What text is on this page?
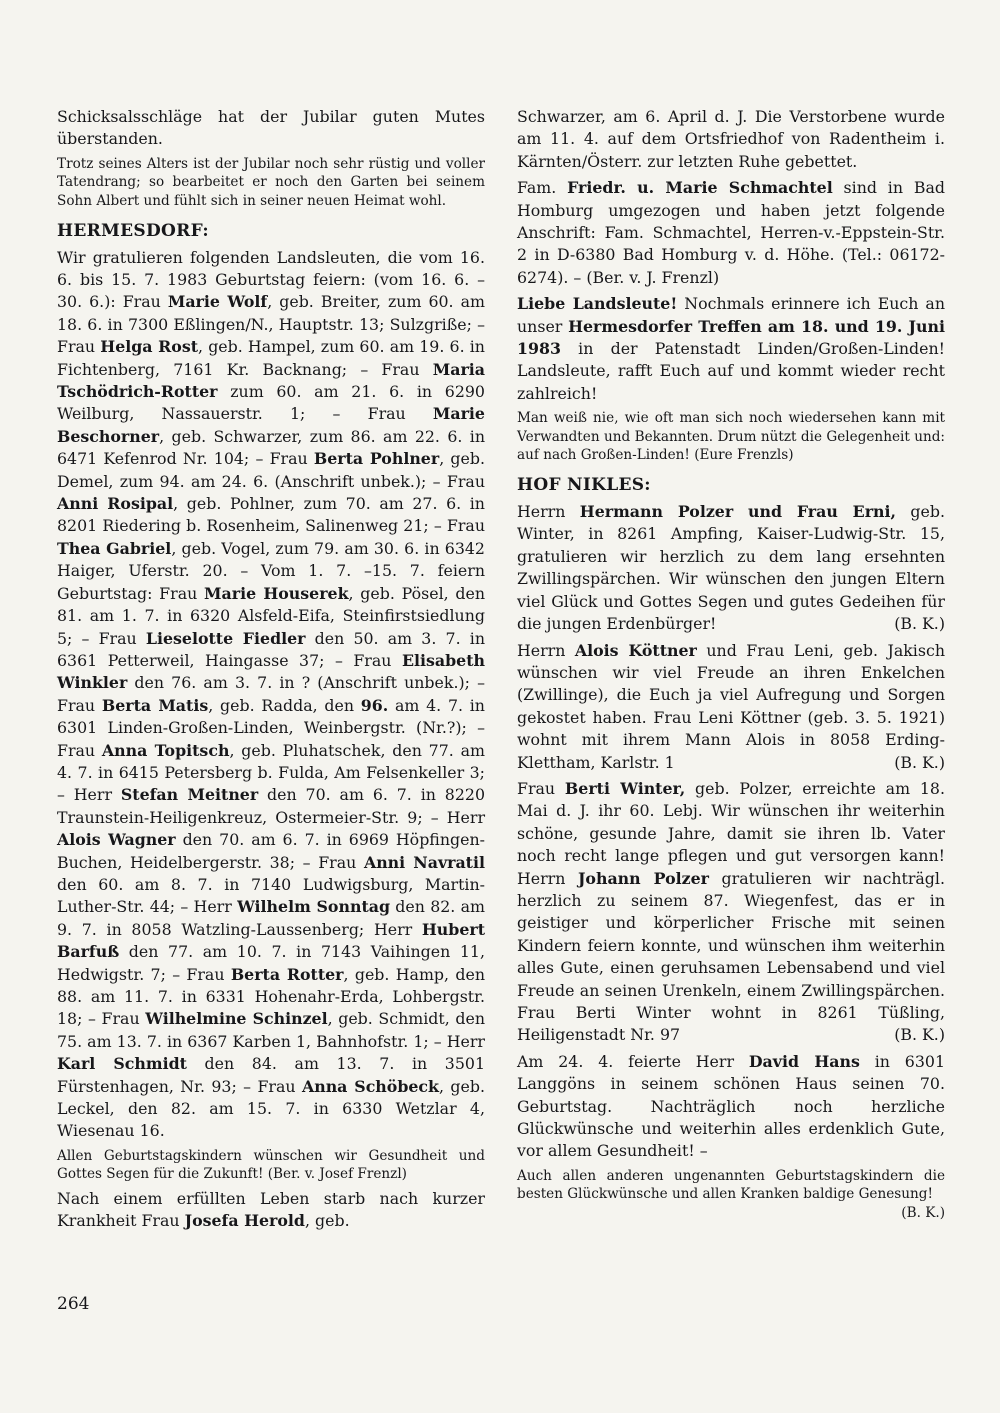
Schicksalsschläge hat der Jubilar guten Mutes überstanden.

Trotz seines Alters ist der Jubilar noch sehr rüstig und voller Tatendrang; so bearbeitet er noch den Garten bei seinem Sohn Albert und fühlt sich in seiner neuen Heimat wohl.

HERMESDORF:

Wir gratulieren folgenden Landsleuten, die vom 16. 6. bis 15. 7. 1983 Geburtstag feiern: (vom 16. 6. – 30. 6.): Frau Marie Wolf, geb. Breiter, zum 60. am 18. 6. in 7300 Eßlingen/N., Hauptstr. 13; Sulzgriße; – Frau Helga Rost, geb. Hampel, zum 60. am 19. 6. in Fichtenberg, 7161 Kr. Backnang; – Frau Maria Tschödrich-Rotter zum 60. am 21. 6. in 6290 Weilburg, Nassauerstr. 1; – Frau Marie Beschorner, geb. Schwarzer, zum 86. am 22. 6. in 6471 Kefenrod Nr. 104; – Frau Berta Pohlner, geb. Demel, zum 94. am 24. 6. (Anschrift unbek.); – Frau Anni Rosipal, geb. Pohlner, zum 70. am 27. 6. in 8201 Riedering b. Rosenheim, Salinenweg 21; – Frau Thea Gabriel, geb. Vogel, zum 79. am 30. 6. in 6342 Haiger, Uferstr. 20. – Vom 1. 7. –15. 7. feiern Geburtstag: Frau Marie Houserek, geb. Pösel, den 81. am 1. 7. in 6320 Alsfeld-Eifa, Steinfirstsiedlung 5; – Frau Lieselotte Fiedler den 50. am 3. 7. in 6361 Petterweil, Haingasse 37; – Frau Elisabeth Winkler den 76. am 3. 7. in ? (Anschrift unbek.); – Frau Berta Matis, geb. Radda, den 96. am 4. 7. in 6301 Linden-Großen-Linden, Weinbergstr. (Nr.?); – Frau Anna Topitsch, geb. Pluhatschek, den 77. am 4. 7. in 6415 Petersberg b. Fulda, Am Felsenkeller 3; – Herr Stefan Meitner den 70. am 6. 7. in 8220 Traunstein-Heiligenkreuz, Ostermeier-Str. 9; – Herr Alois Wagner den 70. am 6. 7. in 6969 Höpfingen-Buchen, Heidelbergerstr. 38; – Frau Anni Navratil den 60. am 8. 7. in 7140 Ludwigsburg, Martin-Luther-Str. 44; – Herr Wilhelm Sonntag den 82. am 9. 7. in 8058 Watzling-Laussenberg; Herr Hubert Barfuß den 77. am 10. 7. in 7143 Vaihingen 11, Hedwigstr. 7; – Frau Berta Rotter, geb. Hamp, den 88. am 11. 7. in 6331 Hohenahr-Erda, Lohbergstr. 18; – Frau Wilhelmine Schinzel, geb. Schmidt, den 75. am 13. 7. in 6367 Karben 1, Bahnhofstr. 1; – Herr Karl Schmidt den 84. am 13. 7. in 3501 Fürstenhagen, Nr. 93; – Frau Anna Schöbeck, geb. Leckel, den 82. am 15. 7. in 6330 Wetzlar 4, Wiesenau 16.

Allen Geburtstagskindern wünschen wir Gesundheit und Gottes Segen für die Zukunft! (Ber. v. Josef Frenzl)

Nach einem erfüllten Leben starb nach kurzer Krankheit Frau Josefa Herold, geb.

Schwarzer, am 6. April d. J. Die Verstorbene wurde am 11. 4. auf dem Ortsfriedhof von Radentheim i. Kärnten/Österr. zur letzten Ruhe gebettet.

Fam. Friedr. u. Marie Schmachtel sind in Bad Homburg umgezogen und haben jetzt folgende Anschrift: Fam. Schmachtel, Herren-v.-Eppstein-Str. 2 in D-6380 Bad Homburg v. d. Höhe. (Tel.: 06172-6274). – (Ber. v. J. Frenzl)

Liebe Landsleute! Nochmals erinnere ich Euch an unser Hermesdorfer Treffen am 18. und 19. Juni 1983 in der Patenstadt Linden/Großen-Linden! Landsleute, rafft Euch auf und kommt wieder recht zahlreich!

Man weiß nie, wie oft man sich noch wiedersehen kann mit Verwandten und Bekannten. Drum nützt die Gelegenheit und: auf nach Großen-Linden! (Eure Frenzls)

HOF NIKLES:

Herrn Hermann Polzer und Frau Erni, geb. Winter, in 8261 Ampfing, Kaiser-Ludwig-Str. 15, gratulieren wir herzlich zu dem lang ersehnten Zwillingspärchen. Wir wünschen den jungen Eltern viel Glück und Gottes Segen und gutes Gedeihen für die jungen Erdenbürger!	(B. K.)

Herrn Alois Köttner und Frau Leni, geb. Jakisch wünschen wir viel Freude an ihren Enkelchen (Zwillinge), die Euch ja viel Aufregung und Sorgen gekostet haben. Frau Leni Köttner (geb. 3. 5. 1921) wohnt mit ihrem Mann Alois in 8058 Erding-Klettham, Karlstr. 1	(B. K.)

Frau Berti Winter, geb. Polzer, erreichte am 18. Mai d. J. ihr 60. Lebj. Wir wünschen ihr weiterhin schöne, gesunde Jahre, damit sie ihren lb. Vater noch recht lange pflegen und gut versorgen kann! Herrn Johann Polzer gratulieren wir nachträgl. herzlich zu seinem 87. Wiegenfest, das er in geistiger und körperlicher Frische mit seinen Kindern feiern konnte, und wünschen ihm weiterhin alles Gute, einen geruhsamen Lebensabend und viel Freude an seinen Urenkeln, einem Zwillingspärchen. Frau Berti Winter wohnt in 8261 Tüßling, Heiligenstadt Nr. 97	(B. K.)

Am 24. 4. feierte Herr David Hans in 6301 Langgöns in seinem schönen Haus seinen 70. Geburtstag. Nachträglich noch herzliche Glückwünsche und weiterhin alles erdenklich Gute, vor allem Gesundheit! –

Auch allen anderen ungenannten Geburtstagskindern die besten Glückwünsche und allen Kranken baldige Genesung!
(B. K.)

264
